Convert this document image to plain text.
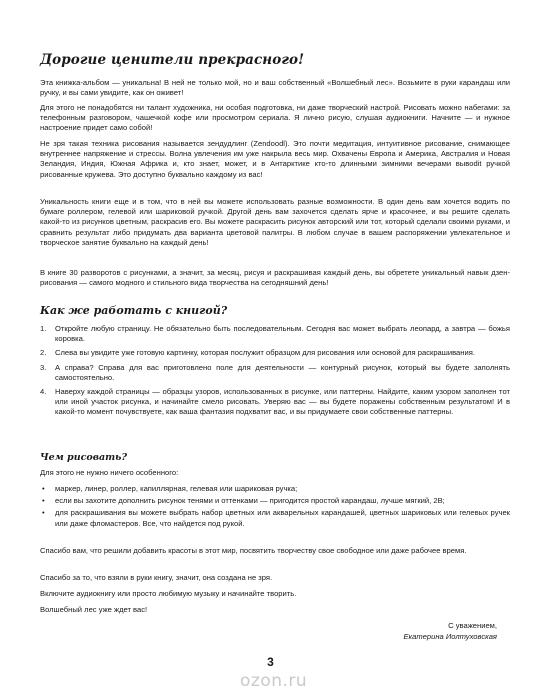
Дорогие ценители прекрасного!

Эта книжка-альбом — уникальна! В ней не только мой, но и ваш собственный «Волшебный лес». Возьмите в руки карандаш или ручку, и вы сами увидите, как он оживет!

Для этого не понадобятся ни талант художника, ни особая подготовка, ни даже творческий настрой. Рисовать можно набегами: за телефонным разговором, чашечкой кофе или просмотром сериала. Я лично рисую, слушая аудиокниги. Начните — и нужное настроение придет само собой!

Не зря такая техника рисования называется зендудлинг (Zendoodl). Это почти медитация, интуитивное рисование, снимающее внутреннее напряжение и стрессы. Волна увлечения им уже накрыла весь мир. Охвачены Европа и Америка, Австралия и Новая Зеландия, Индия, Южная Африка и, кто знает, может, и в Антарктике кто-то длинными зимними вечерами вывodit ручкой рисованные кружева. Это доступно буквально каждому из вас!

Уникальность книги еще и в том, что в ней вы можете использовать разные возможности. В один день вам хочется водить по бумаге роллером, гелевой или шариковой ручкой. Другой день вам захочется сделать ярче и красочнее, и вы решите сделать какой-то из рисунков цветным, раскрасив его. Вы можете раскрасить рисунок авторский или тот, который сделали своими руками, и сравнить результат либо придумать два варианта цветовой палитры. В любом случае в вашем распоряжении увлекательное и творческое занятие буквально на каждый день!

В книге 30 разворотов с рисунками, а значит, за месяц, рисуя и раскрашивая каждый день, вы обретете уникальный навык дзен-рисования — самого модного и стильного вида творчества на сегодняшний день!

Как же работать с книгой?
1. Откройте любую страницу. Не обязательно быть последовательным. Сегодня вас может выбрать леопард, а завтра — божья коровка.
2. Слева вы увидите уже готовую картинку, которая послужит образцом для рисования или основой для раскрашивания.
3. А справа? Справа для вас приготовлено поле для деятельности — контурный рисунок, который вы будете заполнять самостоятельно.
4. Наверху каждой страницы — образцы узоров, использованных в рисунке, или паттерны. Найдите, каким узором заполнен тот или иной участок рисунка, и начинайте смело рисовать. Уверяю вас — вы будете поражены собственным результатом! И в какой-то момент почувствуете, как ваша фантазия подхватит вас, и вы придумаете свои собственные паттерны.
Чем рисовать?

Для этого не нужно ничего особенного:

• маркер, линер, роллер, капиллярная, гелевая или шариковая ручка;
• если вы захотите дополнить рисунок тенями и оттенками — пригодится простой карандаш, лучше мягкий, 2В;
• для раскрашивания вы можете выбрать набор цветных или акварельных карандашей, цветных шариковых или гелевых ручек или даже фломастеров. Все, что найдется под рукой.

Спасибо вам, что решили добавить красоты в этот мир, посвятить творчеству свое свободное или даже рабочее время.

Спасибо за то, что взяли в руки книгу, значит, она создана не зря.

Включите аудиокнигу или просто любимую музыку и начинайте творить.

Волшебный лес уже ждет вас!

С уважением,
Екатерина Иолтуховская
3
ozon.ru
